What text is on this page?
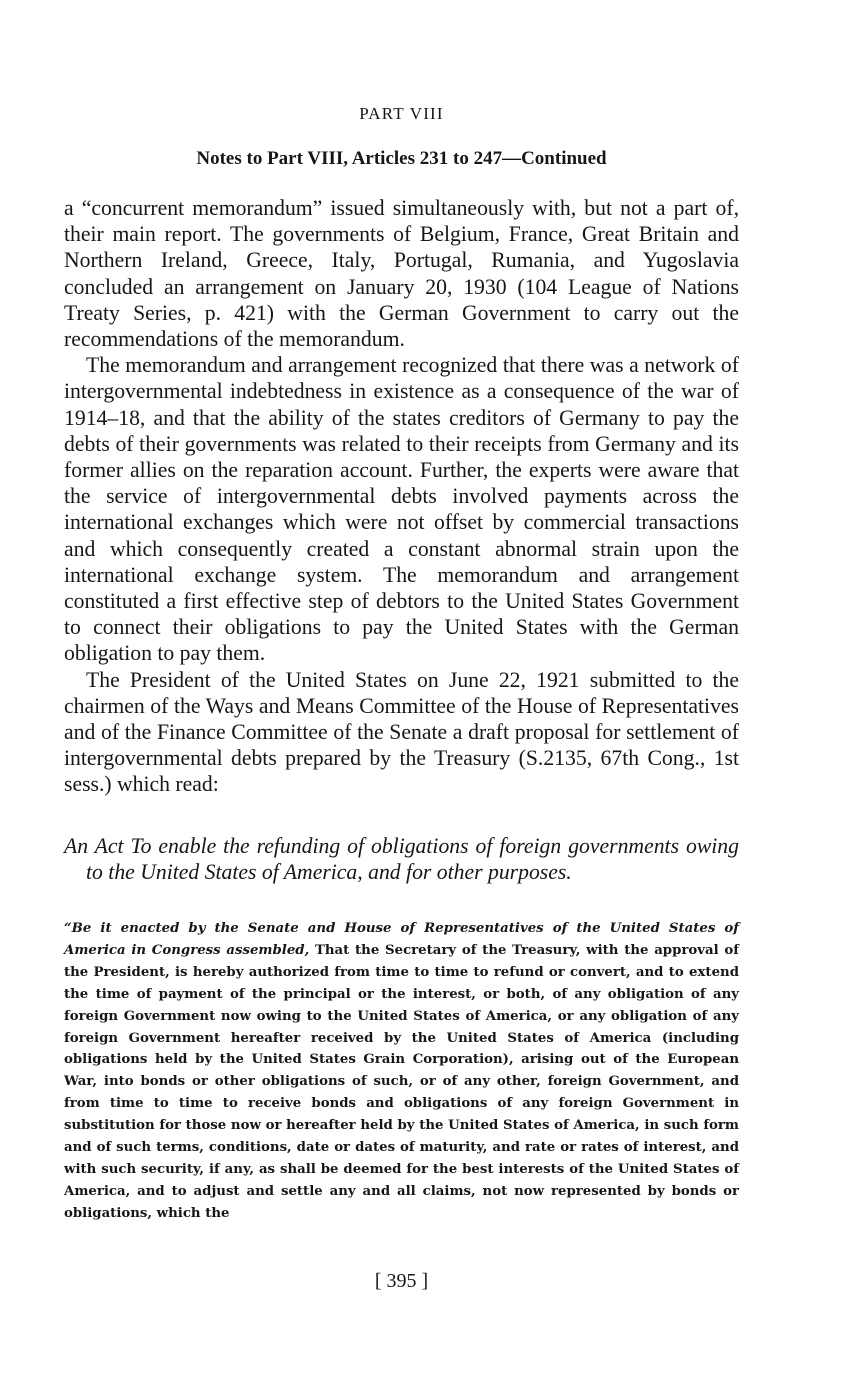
PART VIII
Notes to Part VIII, Articles 231 to 247—Continued

a “concurrent memorandum” issued simultaneously with, but not a part of, their main report. The governments of Belgium, France, Great Britain and Northern Ireland, Greece, Italy, Portugal, Rumania, and Yugoslavia concluded an arrangement on January 20, 1930 (104 League of Nations Treaty Series, p. 421) with the German Government to carry out the recommendations of the memorandum.

The memorandum and arrangement recognized that there was a network of intergovernmental indebtedness in existence as a consequence of the war of 1914–18, and that the ability of the states creditors of Germany to pay the debts of their governments was related to their receipts from Germany and its former allies on the reparation account. Further, the experts were aware that the service of intergovernmental debts involved payments across the international exchanges which were not offset by commercial transactions and which consequently created a constant abnormal strain upon the international exchange system. The memorandum and arrangement constituted a first effective step of debtors to the United States Government to connect their obligations to pay the United States with the German obligation to pay them.

The President of the United States on June 22, 1921 submitted to the chairmen of the Ways and Means Committee of the House of Representatives and of the Finance Committee of the Senate a draft proposal for settlement of intergovernmental debts prepared by the Treasury (S.2135, 67th Cong., 1st sess.) which read:

An Act To enable the refunding of obligations of foreign governments owing to the United States of America, and for other purposes.

“Be it enacted by the Senate and House of Representatives of the United States of America in Congress assembled, That the Secretary of the Treasury, with the approval of the President, is hereby authorized from time to time to refund or convert, and to extend the time of payment of the principal or the interest, or both, of any obligation of any foreign Government now owing to the United States of America, or any obligation of any foreign Government hereafter received by the United States of America (including obligations held by the United States Grain Corporation), arising out of the European War, into bonds or other obligations of such, or of any other, foreign Government, and from time to time to receive bonds and obligations of any foreign Government in substitution for those now or hereafter held by the United States of America, in such form and of such terms, conditions, date or dates of maturity, and rate or rates of interest, and with such security, if any, as shall be deemed for the best interests of the United States of America, and to adjust and settle any and all claims, not now represented by bonds or obligations, which the

[ 395 ]
